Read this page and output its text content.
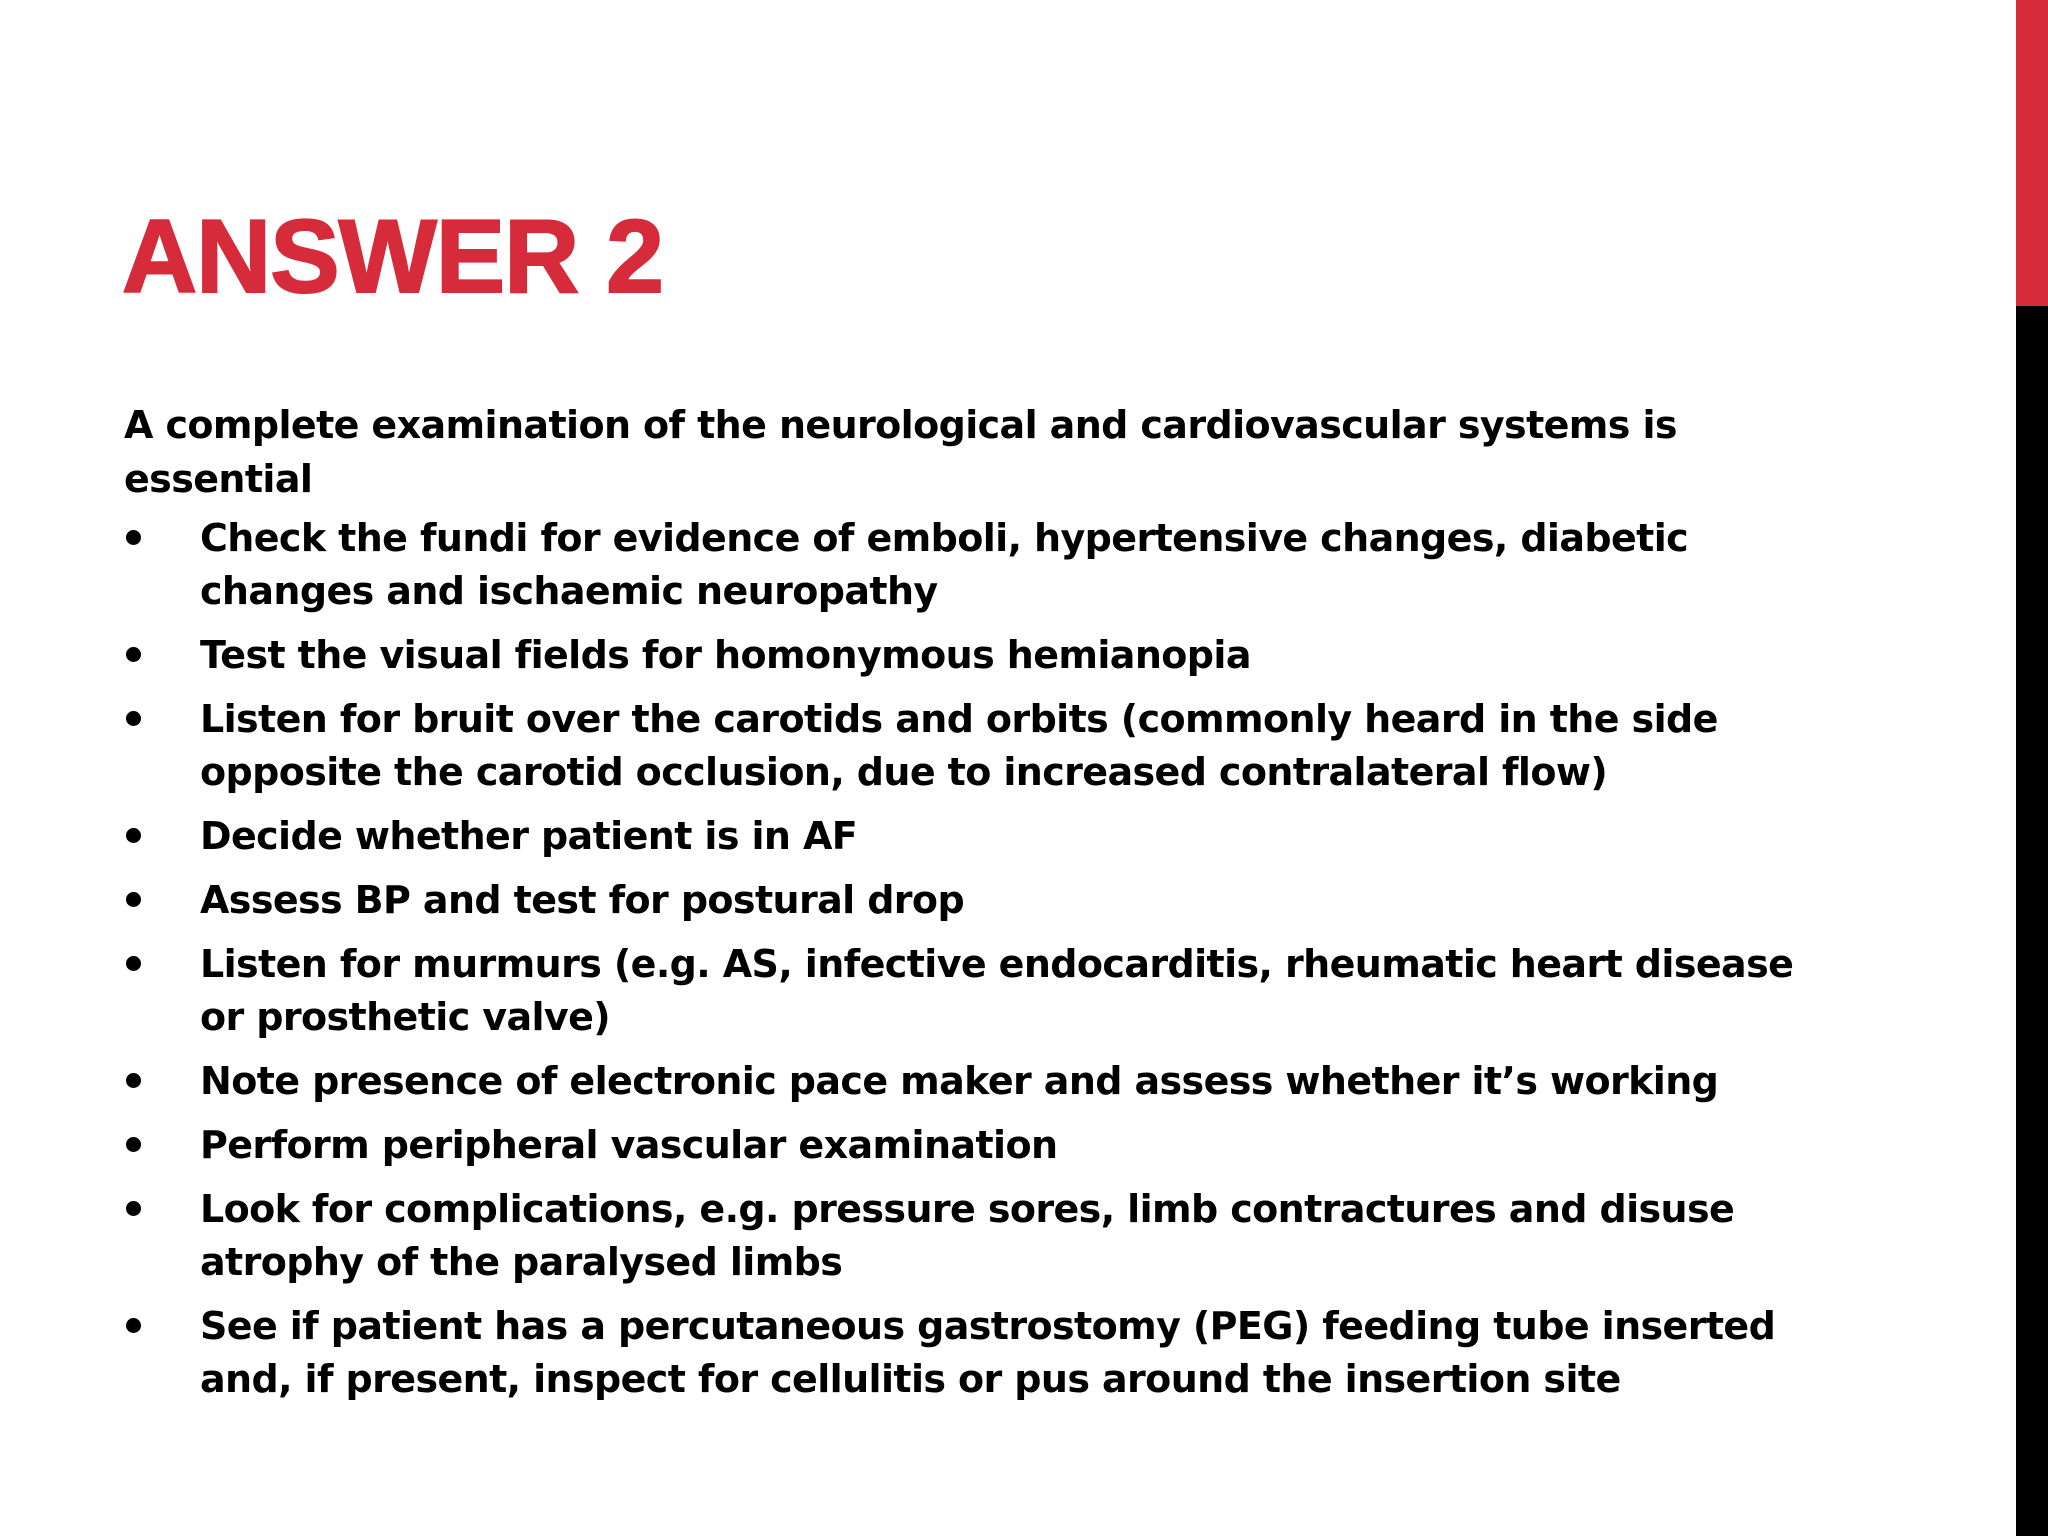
ANSWER 2

A complete examination of the neurological and cardiovascular systems is essential

Check the fundi for evidence of emboli, hypertensive changes, diabetic changes and ischaemic neuropathy
Test the visual fields for homonymous hemianopia
Listen for bruit over the carotids and orbits (commonly heard in the side opposite the carotid occlusion, due to increased contralateral flow)
Decide whether patient is in AF
Assess BP and test for postural drop
Listen for murmurs (e.g. AS, infective endocarditis, rheumatic heart disease or prosthetic valve)
Note presence of electronic pace maker and assess whether it’s working
Perform peripheral vascular examination
Look for complications, e.g. pressure sores, limb contractures and disuse atrophy of the paralysed limbs
See if patient has a percutaneous gastrostomy (PEG) feeding tube inserted and, if present, inspect for cellulitis or pus around the insertion site
